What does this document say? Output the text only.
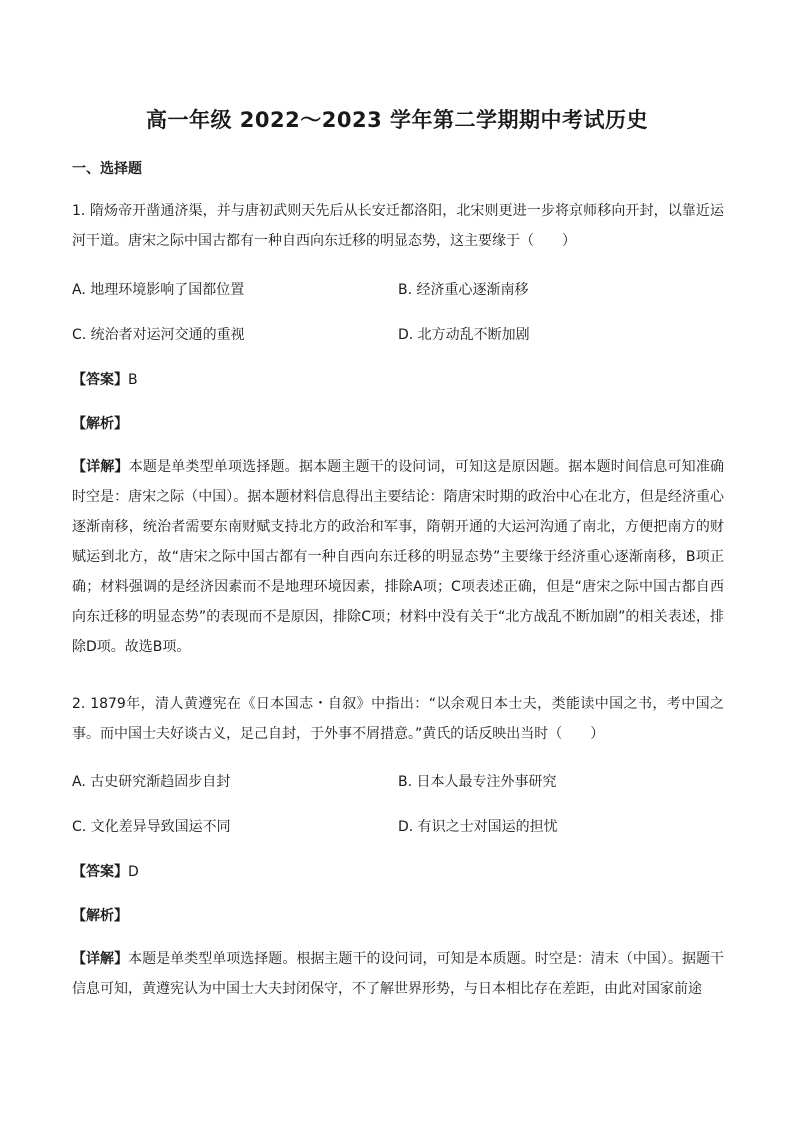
高一年级 2022～2023 学年第二学期期中考试历史
一、选择题

1. 隋炀帝开凿通济渠，并与唐初武则天先后从长安迁都洛阳，北宋则更进一步将京师移向开封，以靠近运河干道。唐宋之际中国古都有一种自西向东迁移的明显态势，这主要缘于（　　）

A. 地理环境影响了国都位置	B. 经济重心逐渐南移
C. 统治者对运河交通的重视	D. 北方动乱不断加剧
【答案】B
【解析】

【详解】本题是单类型单项选择题。据本题主题干的设问词，可知这是原因题。据本题时间信息可知准确时空是：唐宋之际（中国）。据本题材料信息得出主要结论：隋唐宋时期的政治中心在北方，但是经济重心逐渐南移，统治者需要东南财赋支持北方的政治和军事，隋朝开通的大运河沟通了南北，方便把南方的财赋运到北方，故“唐宋之际中国古都有一种自西向东迁移的明显态势”主要缘于经济重心逐渐南移，B项正确；材料强调的是经济因素而不是地理环境因素，排除A项；C项表述正确，但是“唐宋之际中国古都自西向东迁移的明显态势”的表现而不是原因，排除C项；材料中没有关于“北方战乱不断加剧”的相关表述，排除D项。故选B项。

2. 1879年，清人黄遵宪在《日本国志・自叙》中指出：“以余观日本士夫，类能读中国之书，考中国之事。而中国士夫好谈古义，足己自封，于外事不屑措意。”黄氏的话反映出当时（　　）

A. 古史研究渐趋固步自封	B. 日本人最专注外事研究
C. 文化差异导致国运不同	D. 有识之士对国运的担忧
【答案】D
【解析】

【详解】本题是单类型单项选择题。根据主题干的设问词，可知是本质题。时空是：清末（中国）。据题干信息可知，黄遵宪认为中国士大夫封闭保守，不了解世界形势，与日本相比存在差距，由此对国家前途
